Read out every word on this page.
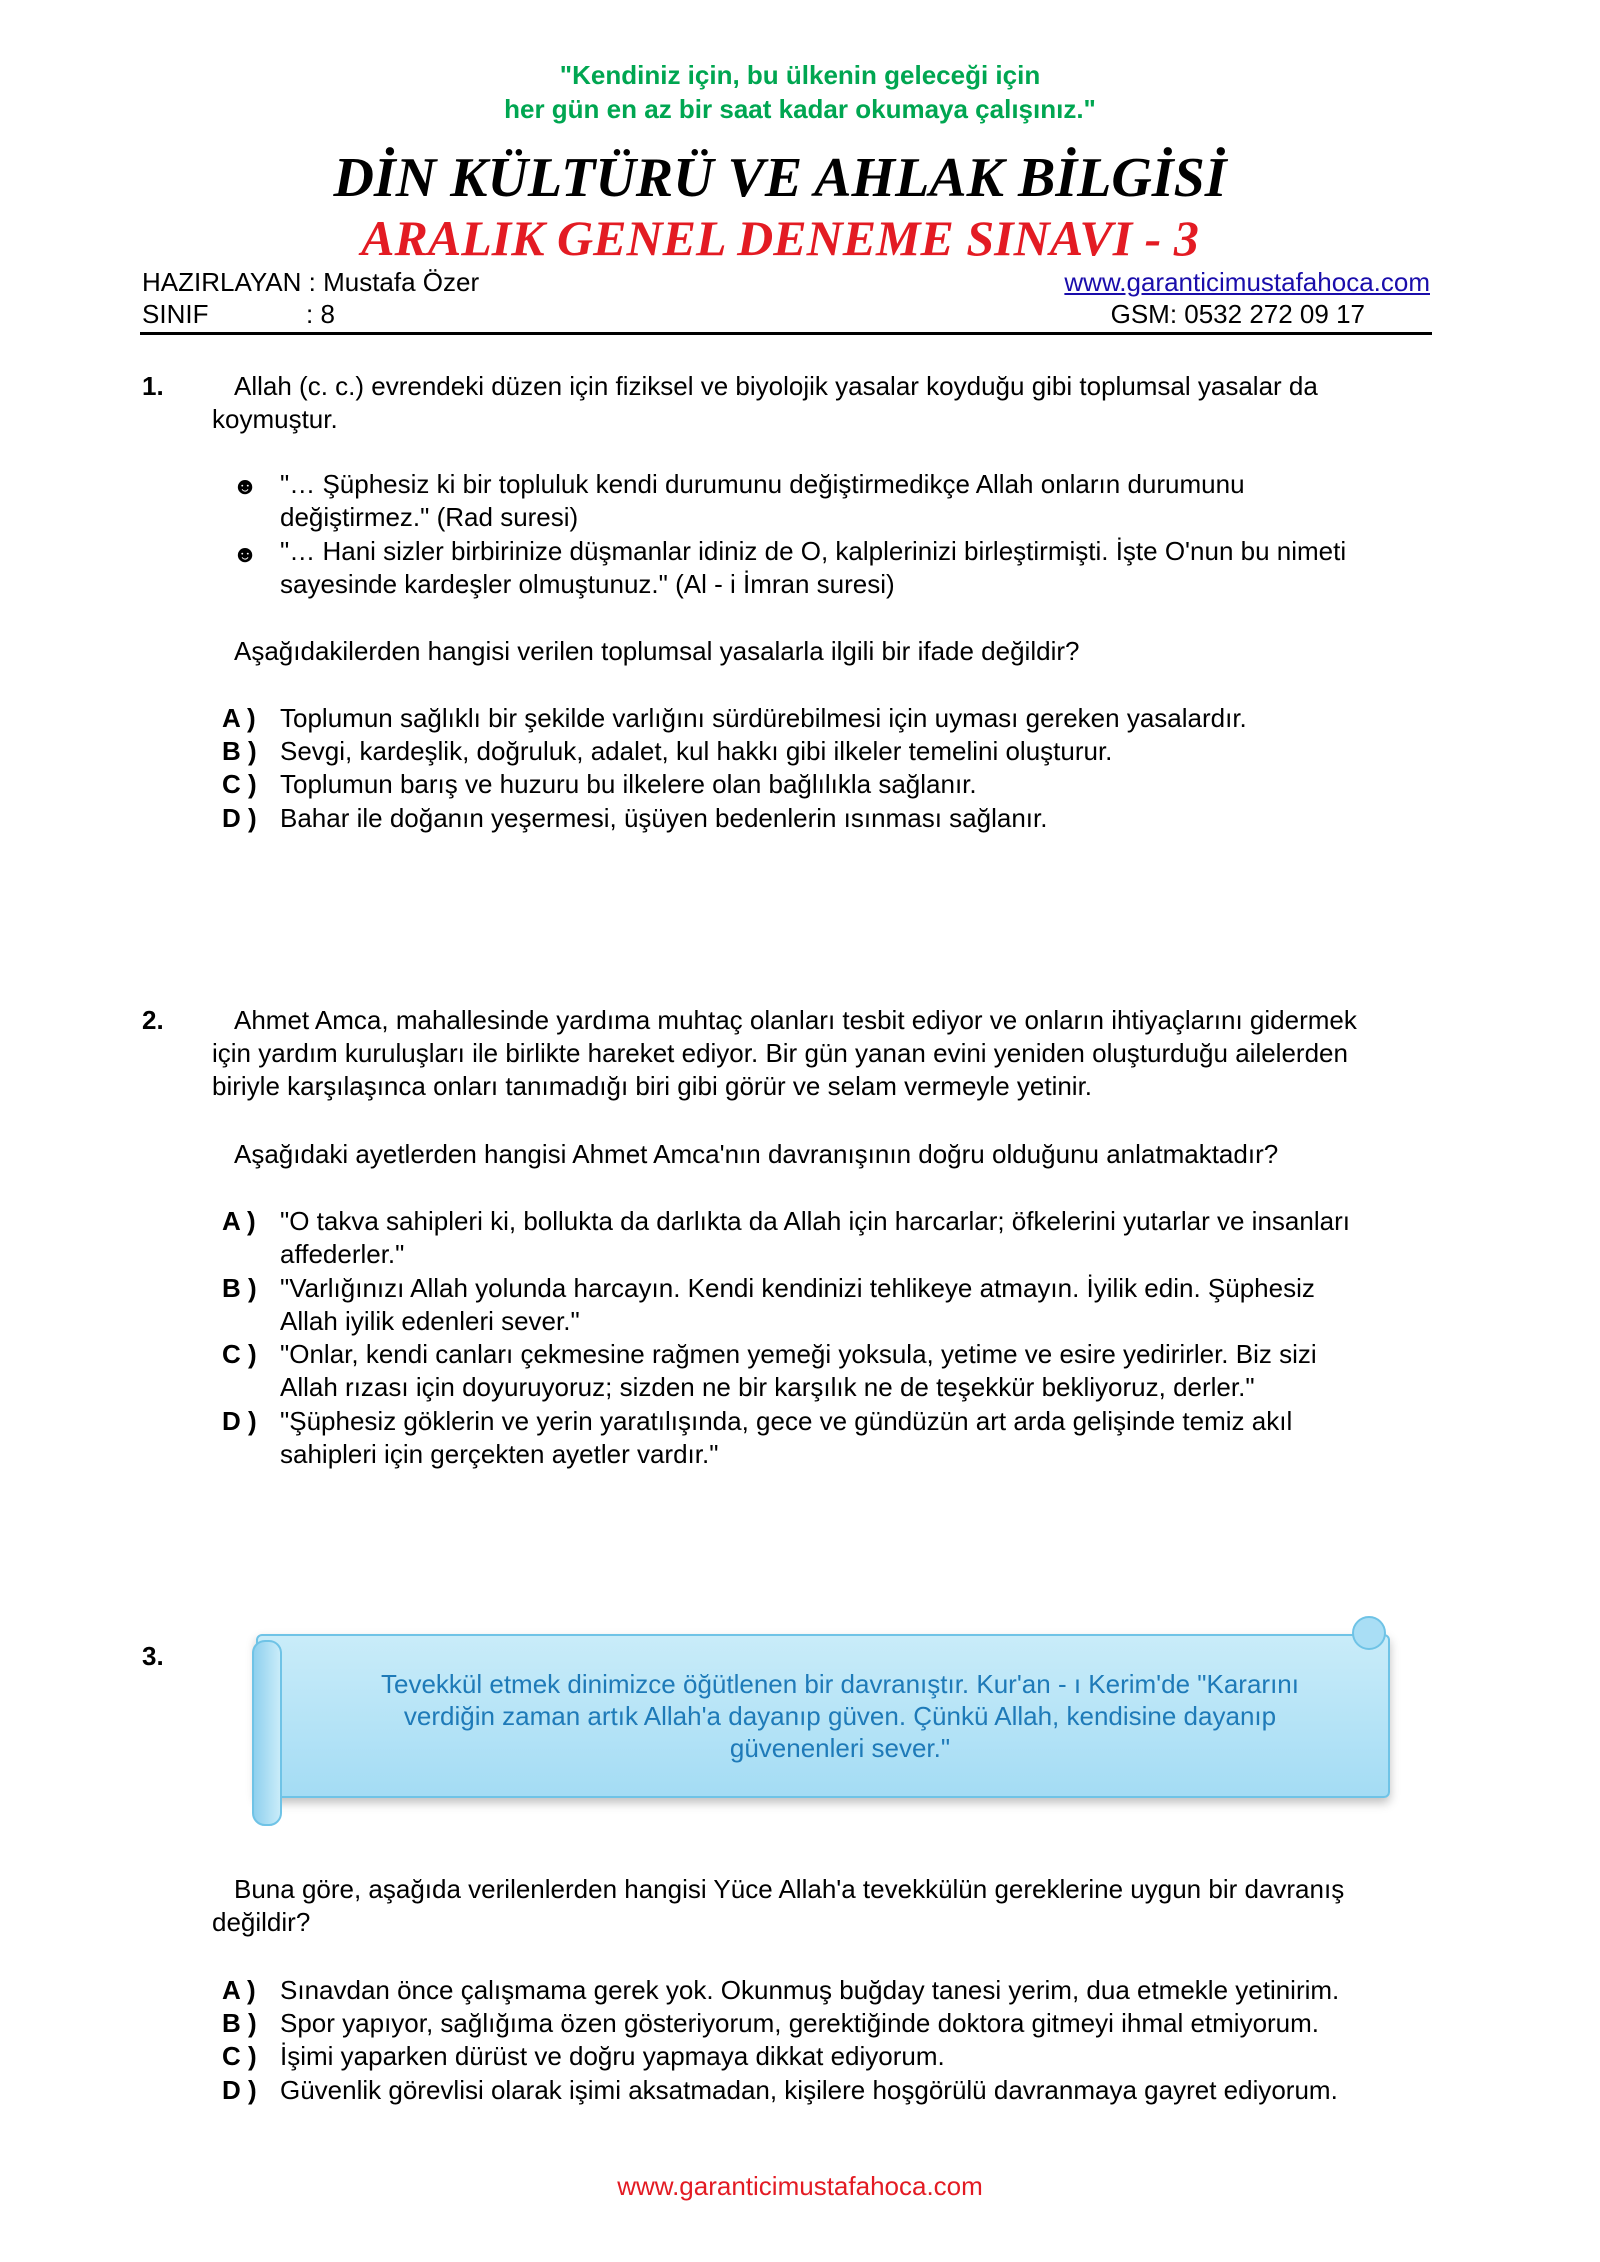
"Kendiniz için, bu ülkenin geleceği için
her gün en az bir saat kadar okumaya çalışınız."
DİN KÜLTÜRÜ VE AHLAK BİLGİSİ
ARALIK GENEL DENEME SINAVI - 3
HAZIRLAYAN : Mustafa Özer	www.garanticimustafahoca.com
SINIF	: 8	GSM: 0532 272 09 17
1.	Allah (c. c.) evrendeki düzen için fiziksel ve biyolojik yasalar koyduğu gibi toplumsal yasalar da
koymuştur.
☻ "… Şüphesiz ki bir topluluk kendi durumunu değiştirmedikçe Allah onların durumunu
değiştirmez." (Rad suresi)
☻ "… Hani sizler birbirinize düşmanlar idiniz de O, kalplerinizi birleştirmişti. İşte O'nun bu nimeti
sayesinde kardeşler olmuştunuz." (Al - i İmran suresi)
Aşağıdakilerden hangisi verilen toplumsal yasalarla ilgili bir ifade değildir?
A ) Toplumun sağlıklı bir şekilde varlığını sürdürebilmesi için uyması gereken yasalardır.
B ) Sevgi, kardeşlik, doğruluk, adalet, kul hakkı gibi ilkeler temelini oluşturur.
C ) Toplumun barış ve huzuru bu ilkelere olan bağlılıkla sağlanır.
D ) Bahar ile doğanın yeşermesi, üşüyen bedenlerin ısınması sağlanır.
2.	Ahmet Amca, mahallesinde yardıma muhtaç olanları tesbit ediyor ve onların ihtiyaçlarını gidermek
için yardım kuruluşları ile birlikte hareket ediyor. Bir gün yanan evini yeniden oluşturduğu ailelerden
biriyle karşılaşınca onları tanımadığı biri gibi görür ve selam vermeyle yetinir.
Aşağıdaki ayetlerden hangisi Ahmet Amca'nın davranışının doğru olduğunu anlatmaktadır?
A ) "O takva sahipleri ki, bollukta da darlıkta da Allah için harcarlar; öfkelerini yutarlar ve insanları
affederler."
B ) "Varlığınızı Allah yolunda harcayın. Kendi kendinizi tehlikeye atmayın. İyilik edin. Şüphesiz
Allah iyilik edenleri sever."
C ) "Onlar, kendi canları çekmesine rağmen yemeği yoksula, yetime ve esire yedirirler. Biz sizi
Allah rızası için doyuruyoruz; sizden ne bir karşılık ne de teşekkür bekliyoruz, derler."
D ) "Şüphesiz göklerin ve yerin yaratılışında, gece ve gündüzün art arda gelişinde temiz akıl
sahipleri için gerçekten ayetler vardır."
3.
Tevekkül etmek dinimizce öğütlenen bir davranıştır. Kur'an - ı Kerim'de "Kararını
verdiğin zaman artık Allah'a dayanıp güven. Çünkü Allah, kendisine dayanıp
güvenenleri sever."
Buna göre, aşağıda verilenlerden hangisi Yüce Allah'a tevekkülün gereklerine uygun bir davranış
değildir?
A ) Sınavdan önce çalışmama gerek yok. Okunmuş buğday tanesi yerim, dua etmekle yetinirim.
B ) Spor yapıyor, sağlığıma özen gösteriyorum, gerektiğinde doktora gitmeyi ihmal etmiyorum.
C ) İşimi yaparken dürüst ve doğru yapmaya dikkat ediyorum.
D ) Güvenlik görevlisi olarak işimi aksatmadan, kişilere hoşgörülü davranmaya gayret ediyorum.
www.garanticimustafahoca.com
